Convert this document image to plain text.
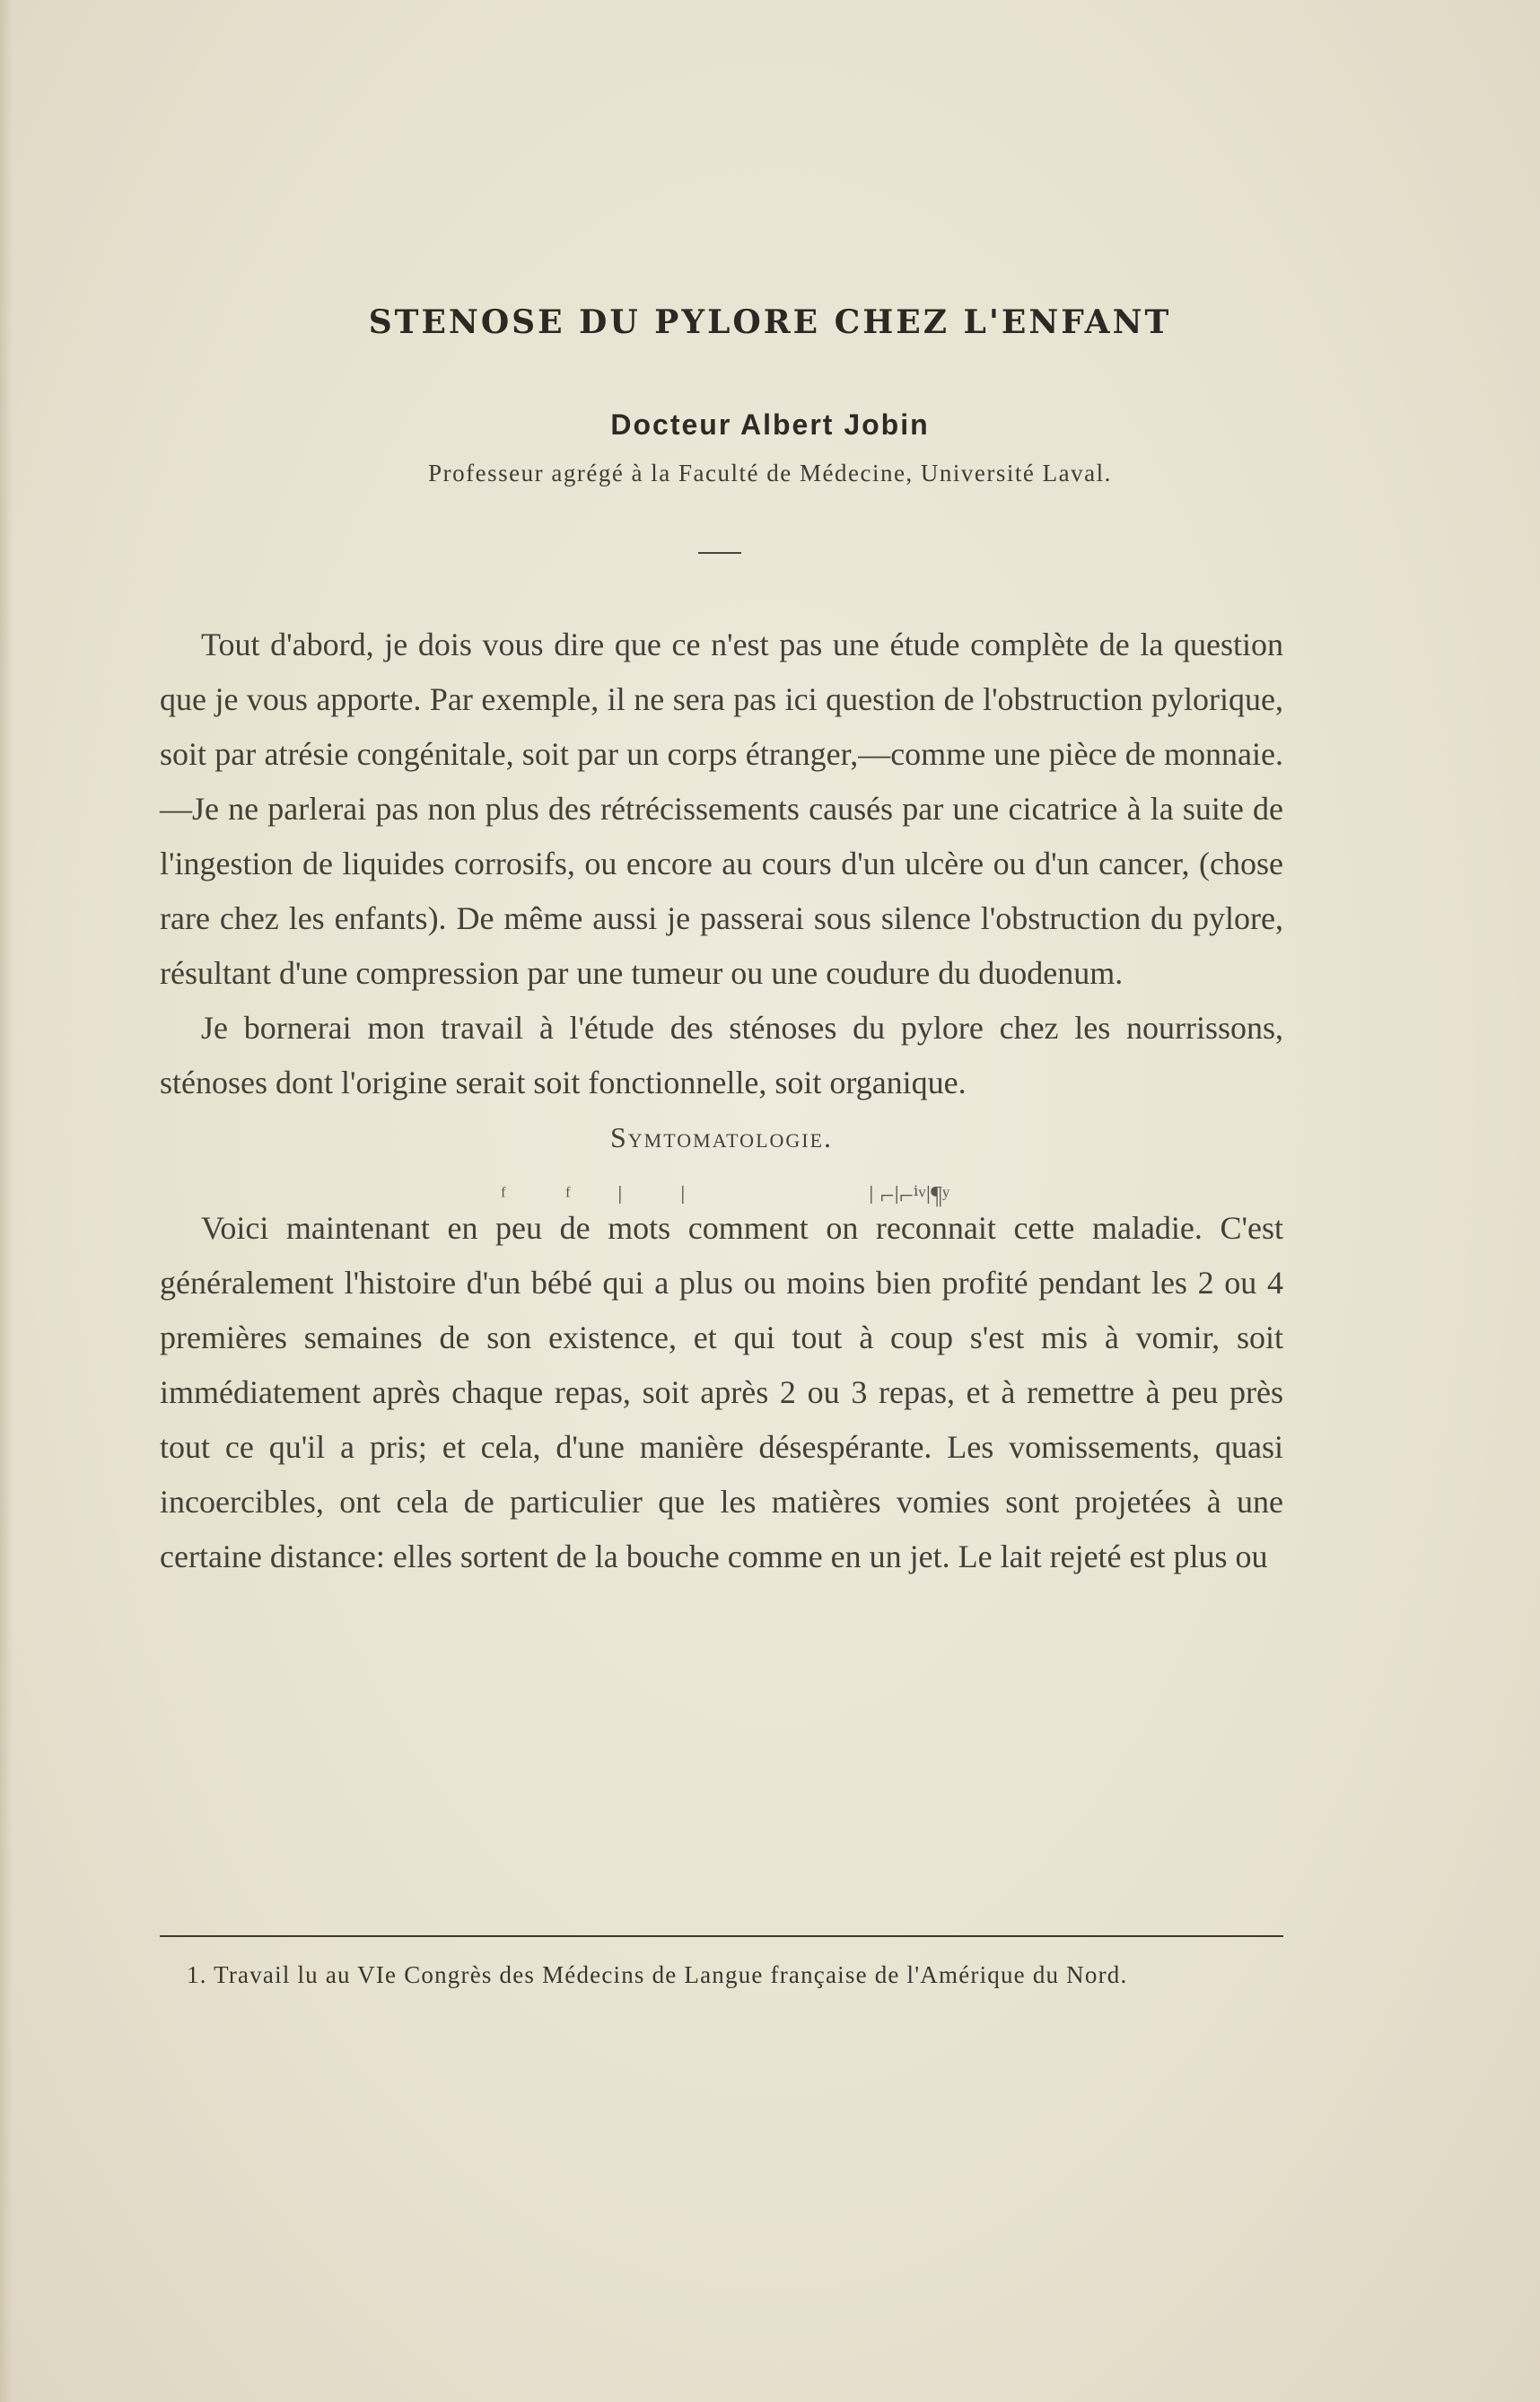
STENOSE DU PYLORE CHEZ L'ENFANT
Docteur Albert Jobin
Professeur agrégé à la Faculté de Médecine, Université Laval.

Tout d'abord, je dois vous dire que ce n'est pas une étude complète de la question que je vous apporte. Par exemple, il ne sera pas ici question de l'obstruction pylorique, soit par atrésie congénitale, soit par un corps étranger,—comme une pièce de monnaie.—Je ne parlerai pas non plus des rétrécissements causés par une cicatrice à la suite de l'ingestion de liquides corrosifs, ou encore au cours d'un ulcère ou d'un cancer, (chose rare chez les enfants). De même aussi je passerai sous silence l'obstruction du pylore, résultant d'une compression par une tumeur ou une coudure du duodenum.

Je bornerai mon travail à l'étude des sténoses du pylore chez les nourrissons, sténoses dont l'origine serait soit fonctionnelle, soit organique.

Symtomatologie.

ᶠ ᶠ ǀ ǀ	ǀ ⌐ǀ⌐ⁱᵛǀ¶ʸ

Voici maintenant en peu de mots comment on reconnait cette maladie. C'est généralement l'histoire d'un bébé qui a plus ou moins bien profité pendant les 2 ou 4 premières semaines de son existence, et qui tout à coup s'est mis à vomir, soit immédiatement après chaque repas, soit après 2 ou 3 repas, et à remettre à peu près tout ce qu'il a pris; et cela, d'une manière désespérante. Les vomissements, quasi incoercibles, ont cela de particulier que les matières vomies sont projetées à une certaine distance: elles sortent de la bouche comme en un jet. Le lait rejeté est plus ou

1. Travail lu au VIe Congrès des Médecins de Langue française de l'Amérique du Nord.
